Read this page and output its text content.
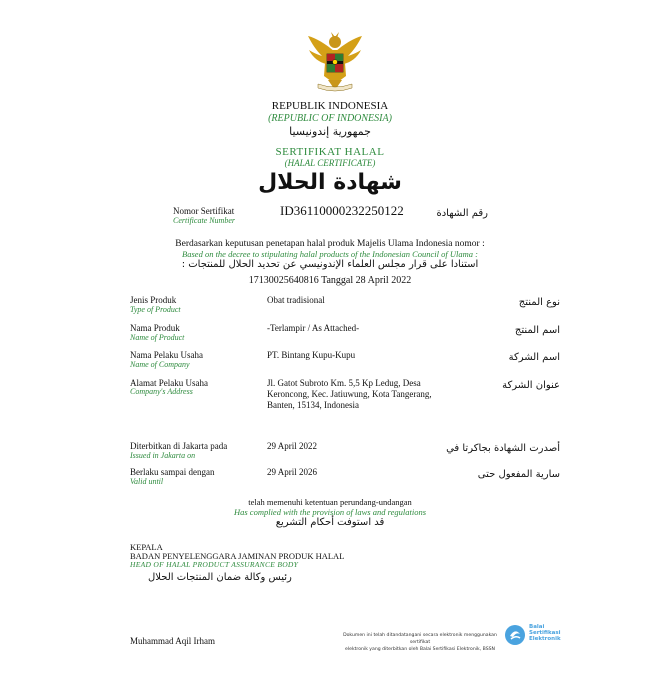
REPUBLIK INDONESIA
(REPUBLIC OF INDONESIA)
جمهورية إندونيسيا
SERTIFIKAT HALAL
(HALAL CERTIFICATE)
شهادة الحلال
Nomor Sertifikat
Certificate Number
ID36110000232250122	رقم الشهادة
Berdasarkan keputusan penetapan halal produk Majelis Ulama Indonesia nomor :
Based on the decree to stipulating halal products of the Indonesian Council of Ulama :
استنادا على قرار مجلس العلماء الإندونيسي عن تحديد الحلال للمنتجات :
17130025640816 Tanggal 28 April 2022
Jenis Produk
Type of Product
Obat tradisional	نوع المنتج
Nama Produk
Name of Product
-Terlampir / As Attached-	اسم المنتج
Nama Pelaku Usaha
Name of Company
PT. Bintang Kupu-Kupu	اسم الشركة
Alamat Pelaku Usaha
Company's Address
Jl. Gatot Subroto Km. 5,5 Kp Ledug, Desa Keroncong, Kec. Jatiuwung, Kota Tangerang, Banten, 15134, Indonesia
عنوان الشركة
Diterbitkan di Jakarta pada
Issued in Jakarta on
29 April 2022	أصدرت الشهادة بجاكرتا في
Berlaku sampai dengan
Valid until
29 April 2026	سارية المفعول حتى
telah memenuhi ketentuan perundang-undangan
Has complied with the provision of laws and regulations
قد استوفت أحكام التشريع
KEPALA
BADAN PENYELENGGARA JAMINAN PRODUK HALAL
HEAD OF HALAL PRODUCT ASSURANCE BODY
رئيس وكالة ضمان المنتجات الحلال
Muhammad Aqil Irham
Dokumen ini telah ditandatangani secara elektronik menggunakan sertifikat
elektronik yang diterbitkan oleh Balai Sertifikasi Elektronik, BSSN
Balai
Sertifikasi
Elektronik
